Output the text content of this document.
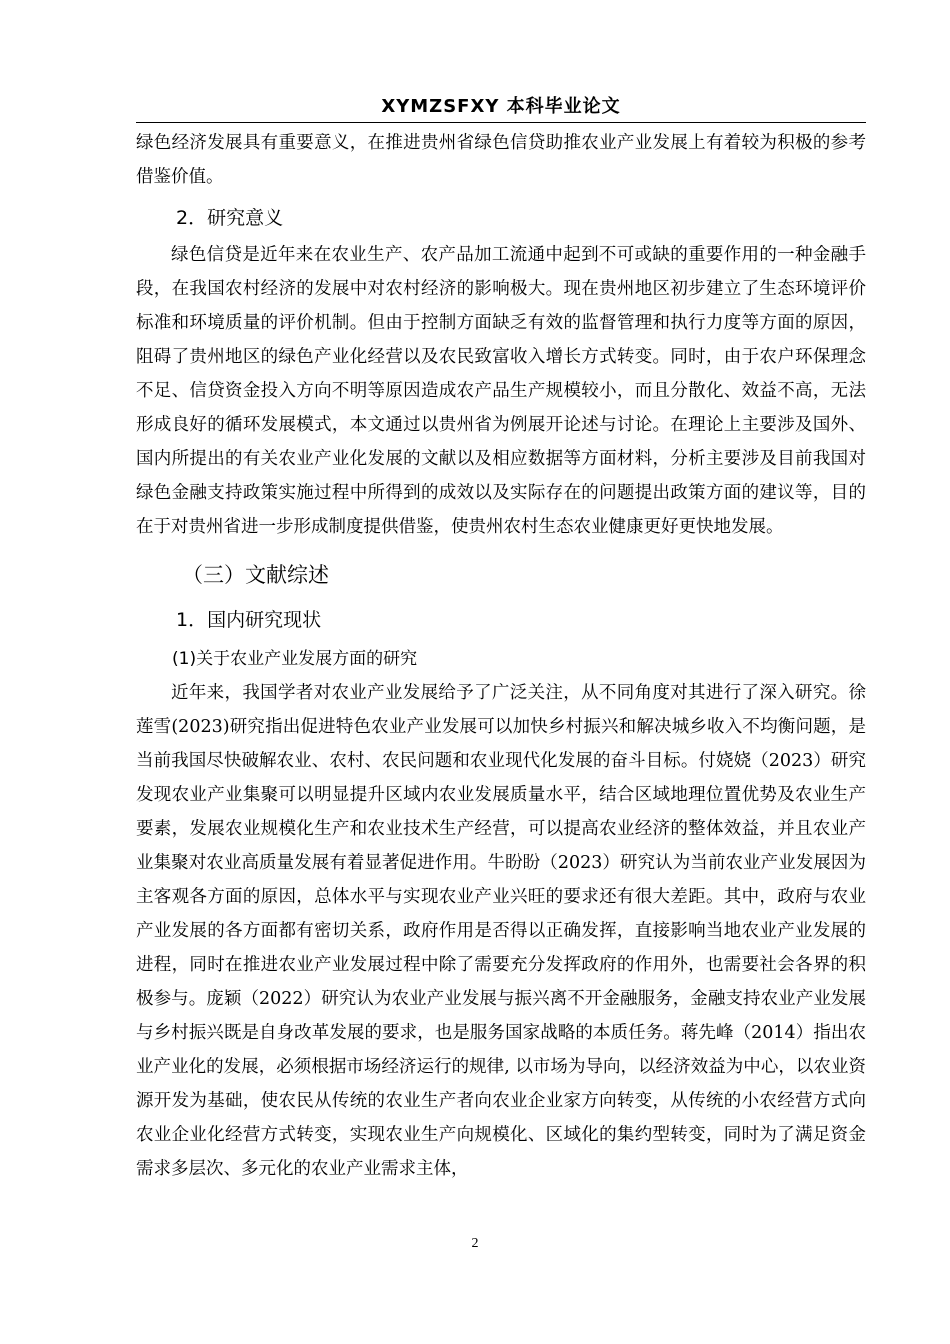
XYMZSFXY 本科毕业论文

绿色经济发展具有重要意义，在推进贵州省绿色信贷助推农业产业发展上有着较为积极的参考借鉴价值。

2．研究意义

绿色信贷是近年来在农业生产、农产品加工流通中起到不可或缺的重要作用的一种金融手段，在我国农村经济的发展中对农村经济的影响极大。现在贵州地区初步建立了生态环境评价标准和环境质量的评价机制。但由于控制方面缺乏有效的监督管理和执行力度等方面的原因，阻碍了贵州地区的绿色产业化经营以及农民致富收入增长方式转变。同时，由于农户环保理念不足、信贷资金投入方向不明等原因造成农产品生产规模较小，而且分散化、效益不高，无法形成良好的循环发展模式，本文通过以贵州省为例展开论述与讨论。在理论上主要涉及国外、国内所提出的有关农业产业化发展的文献以及相应数据等方面材料，分析主要涉及目前我国对绿色金融支持政策实施过程中所得到的成效以及实际存在的问题提出政策方面的建议等，目的在于对贵州省进一步形成制度提供借鉴，使贵州农村生态农业健康更好更快地发展。

（三）文献综述
1．国内研究现状
(1)关于农业产业发展方面的研究

近年来，我国学者对农业产业发展给予了广泛关注，从不同角度对其进行了深入研究。徐莲雪(2023)研究指出促进特色农业产业发展可以加快乡村振兴和解决城乡收入不均衡问题，是当前我国尽快破解农业、农村、农民问题和农业现代化发展的奋斗目标。付娆娆（2023）研究发现农业产业集聚可以明显提升区域内农业发展质量水平，结合区域地理位置优势及农业生产要素，发展农业规模化生产和农业技术生产经营，可以提高农业经济的整体效益，并且农业产业集聚对农业高质量发展有着显著促进作用。牛盼盼（2023）研究认为当前农业产业发展因为主客观各方面的原因，总体水平与实现农业产业兴旺的要求还有很大差距。其中，政府与农业产业发展的各方面都有密切关系，政府作用是否得以正确发挥，直接影响当地农业产业发展的进程，同时在推进农业产业发展过程中除了需要充分发挥政府的作用外，也需要社会各界的积极参与。庞颖（2022）研究认为农业产业发展与振兴离不开金融服务，金融支持农业产业发展与乡村振兴既是自身改革发展的要求，也是服务国家战略的本质任务。蒋先峰（2014）指出农业产业化的发展，必须根据市场经济运行的规律, 以市场为导向，以经济效益为中心，以农业资源开发为基础，使农民从传统的农业生产者向农业企业家方向转变，从传统的小农经营方式向农业企业化经营方式转变，实现农业生产向规模化、区域化的集约型转变，同时为了满足资金需求多层次、多元化的农业产业需求主体，

2
